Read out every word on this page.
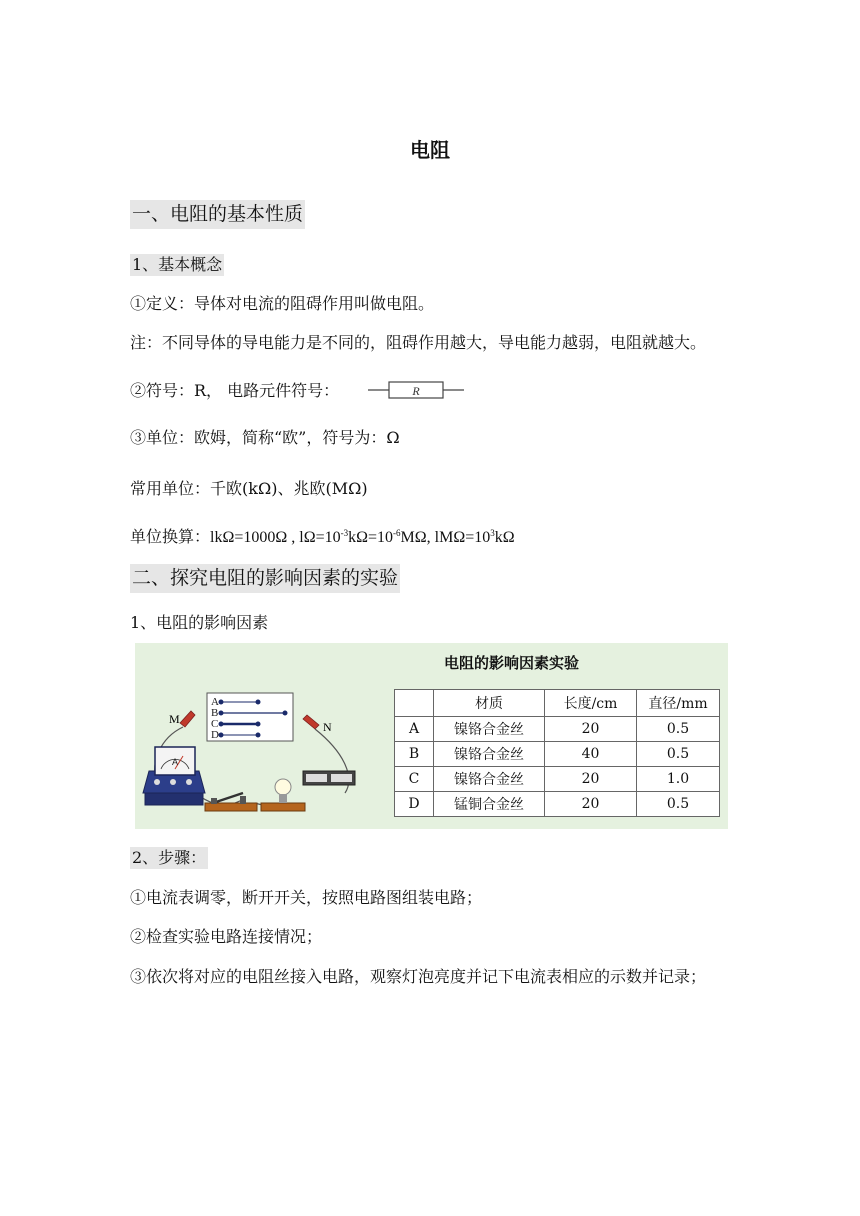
电阻
一、电阻的基本性质
1、基本概念
①定义：导体对电流的阻碍作用叫做电阻。
注：不同导体的导电能力是不同的，阻碍作用越大，导电能力越弱，电阻就越大。
②符号：R， 电路元件符号：	R
③单位：欧姆，简称“欧”，符号为：Ω
常用单位：千欧(kΩ)、兆欧(MΩ)
单位换算：lkΩ=1000Ω , $l\Omega=10^{-3}k\Omega=10^{-6}M\Omega$, $lM\Omega=10^3k\Omega$
二、探究电阻的影响因素的实验
1、电阻的影响因素
电阻的影响因素实验
A
B
C
D
M
N
A
	材质	长度/cm	直径/mm
A	镍铬合金丝	20	0.5
B	镍铬合金丝	40	0.5
C	镍铬合金丝	20	1.0
D	锰铜合金丝	20	0.5
2、步骤：
①电流表调零，断开开关，按照电路图组装电路；
②检查实验电路连接情况；
③依次将对应的电阻丝接入电路，观察灯泡亮度并记下电流表相应的示数并记录；
